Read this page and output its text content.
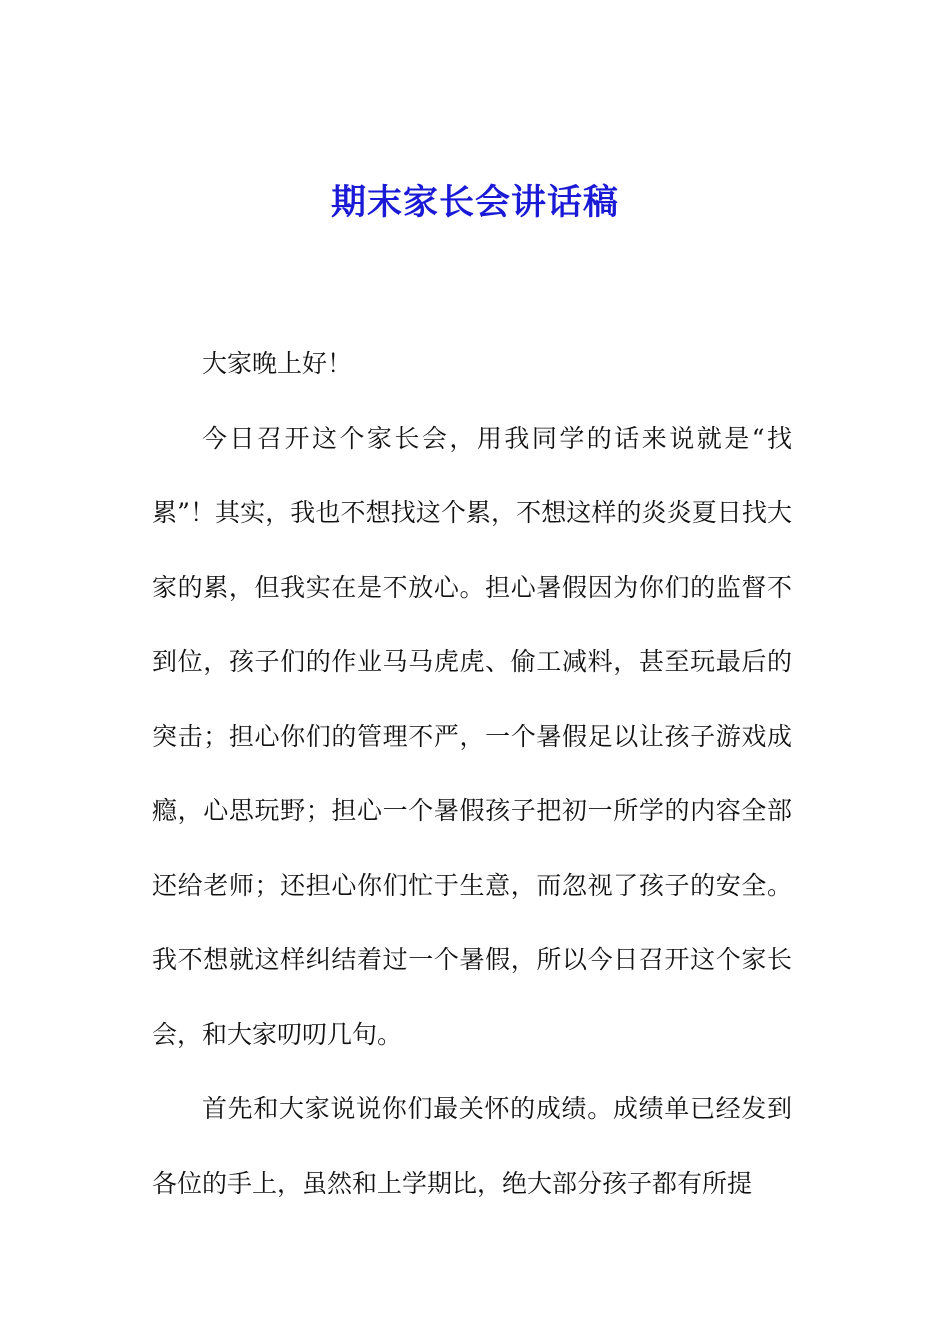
期末家长会讲话稿

大家晚上好！

今日召开这个家长会，用我同学的话来说就是“找累”！其实，我也不想找这个累，不想这样的炎炎夏日找大家的累，但我实在是不放心。担心暑假因为你们的监督不到位，孩子们的作业马马虎虎、偷工减料，甚至玩最后的突击；担心你们的管理不严，一个暑假足以让孩子游戏成瘾，心思玩野；担心一个暑假孩子把初一所学的内容全部还给老师；还担心你们忙于生意，而忽视了孩子的安全。我不想就这样纠结着过一个暑假，所以今日召开这个家长会，和大家叨叨几句。

首先和大家说说你们最关怀的成绩。成绩单已经发到各位的手上，虽然和上学期比，绝大部分孩子都有所提
